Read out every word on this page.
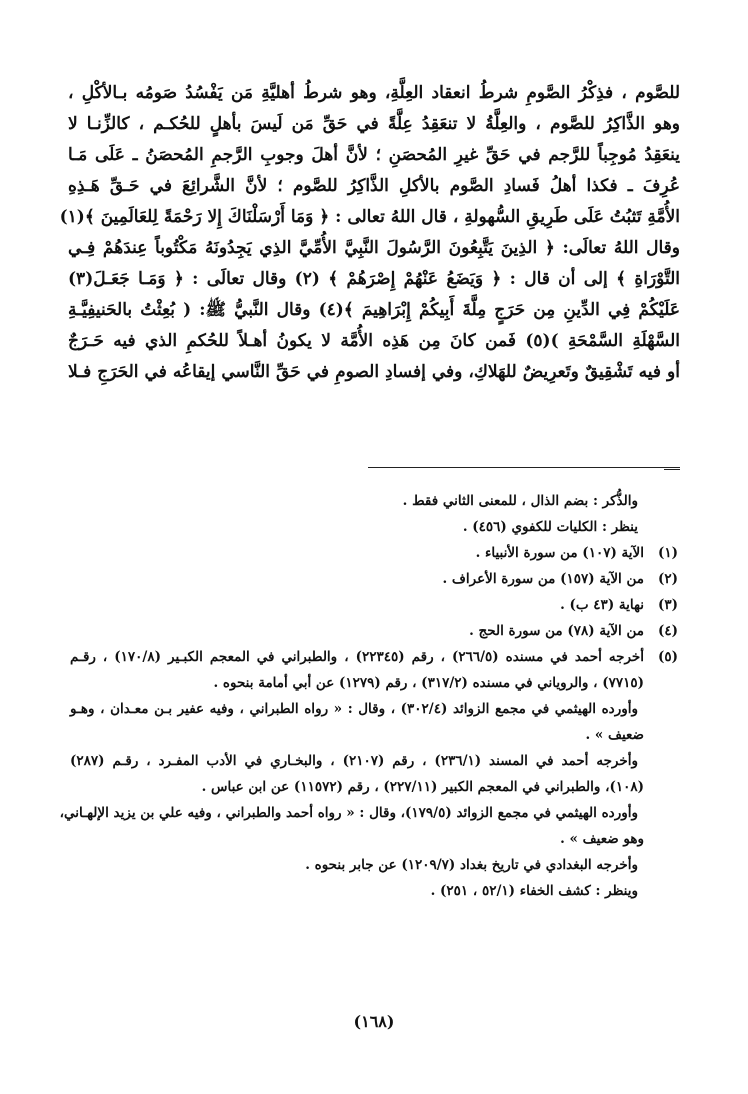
للصَّوم ، فذِكْرُ الصَّومِ شرطُ انعقاد العِلَّةِ، وهو شرطُ أهليَّةِ مَن يَفْسُدُ صَومُه بـالأكْلِ ،
وهو الذَّاكِرُ للصَّوم ، والعِلَّةُ لا تنعَقِدُ عِلَّةً في حَقِّ مَن لَيسَ بأهلٍ للحُكـم ، كالزِّنـا لا
ينعَقِدُ مُوجِباً للرَّجم في حَقِّ غيرِ المُحصَنِ ؛ لأنَّ أهلَ وجوبِ الرَّجمِ المُحصَنُ ـ عَلَى مَـا
عُرِفَ ـ فكذا أهلُ فَسادِ الصَّوم بالأكلِ الذَّاكِرُ للصَّوم ؛ لأنَّ الشَّرائِعَ في حَـقِّ هَـذِهِ
الأُمَّةِ تَثبُتُ عَلَى طَرِيقِ السُّهولةِ ، قال اللهُ تعالى : ﴿ وَمَا أَرْسَلْنَاكَ إِلا رَحْمَةً لِلعَالَمِينَ ﴾(١)
وقال اللهُ تعالَى: ﴿ الذِينَ يَتَّبِعُونَ الرَّسُولَ النَّبِيَّ الأُمِّيَّ الذِي يَجِدُونَهُ مَكْتُوباً عِندَهُمْ فِـي
التَّوْرَاةِ ﴾ إلى أن قال : ﴿ وَيَضَعُ عَنْهُمْ إِصْرَهُمْ ﴾ (٢) وقال تعالَى : ﴿ وَمَـا جَعَـلَ(٣)
عَلَيْكُمْ فِي الدِّينِ مِن حَرَجٍ مِلَّةَ أَبِيكُمْ إِبْرَاهِيمَ ﴾(٤) وقال النَّبيُّ ﷺ: ( بُعِثْتُ بالحَنيفِيَّـةِ
السَّهْلَةِ السَّمْحَةِ )(٥) فَمن كانَ مِن هَذِه الأُمَّة لا يكونُ أهـلاً للحُكمِ الذي فيه حَـرَجٌ
أو فيه تَشْقِيقٌ وتَعرِيضٌ للهَلاكِ، وفي إفسادِ الصومِ في حَقِّ النَّاسي إيقاعُه في الحَرَجِ فـلا
والذُّكر : بضم الذال ، للمعنى الثاني فقط .
ينظر : الكليات للكفوي (٤٥٦) .
(١)
الآية (١٠٧) من سورة الأنبياء .
(٢)
من الآية (١٥٧) من سورة الأعراف .
(٣)
نهاية (٤٣ ب) .
(٤)
من الآية (٧٨) من سورة الحج .
(٥)
أخرجه أحمد في مسنده (٢٦٦/٥) ، رقم (٢٢٣٤٥) ، والطبراني في المعجم الكبـير (١٧٠/٨) ، رقـم
(٧٧١٥) ، والروياني في مسنده (٣١٧/٢) ، رقم (١٢٧٩) عن أبي أمامة بنحوه .
وأورده الهيثمي في مجمع الزوائد (٣٠٢/٤) ، وقال : « رواه الطبراني ، وفيه عفير بـن معـدان ، وهـو
ضعيف » .
وأخرجه أحمد في المسند (٢٣٦/١) ، رقم (٢١٠٧) ، والبخـاري في الأدب المفـرد ، رقـم (٢٨٧)
(١٠٨)، والطبراني في المعجم الكبير (٢٢٧/١١) ، رقم (١١٥٧٢) عن ابن عباس .
وأورده الهيثمي في مجمع الزوائد (١٧٩/٥)، وقال : « رواه أحمد والطبراني ، وفيه علي بن يزيد الإلهـاني،
وهو ضعيف » .
وأخرجه البغدادي في تاريخ بغداد (١٢٠٩/٧) عن جابر بنحوه .
وينظر : كشف الخفاء (٥٢/١ ، ٢٥١) .
(١٦٨)
